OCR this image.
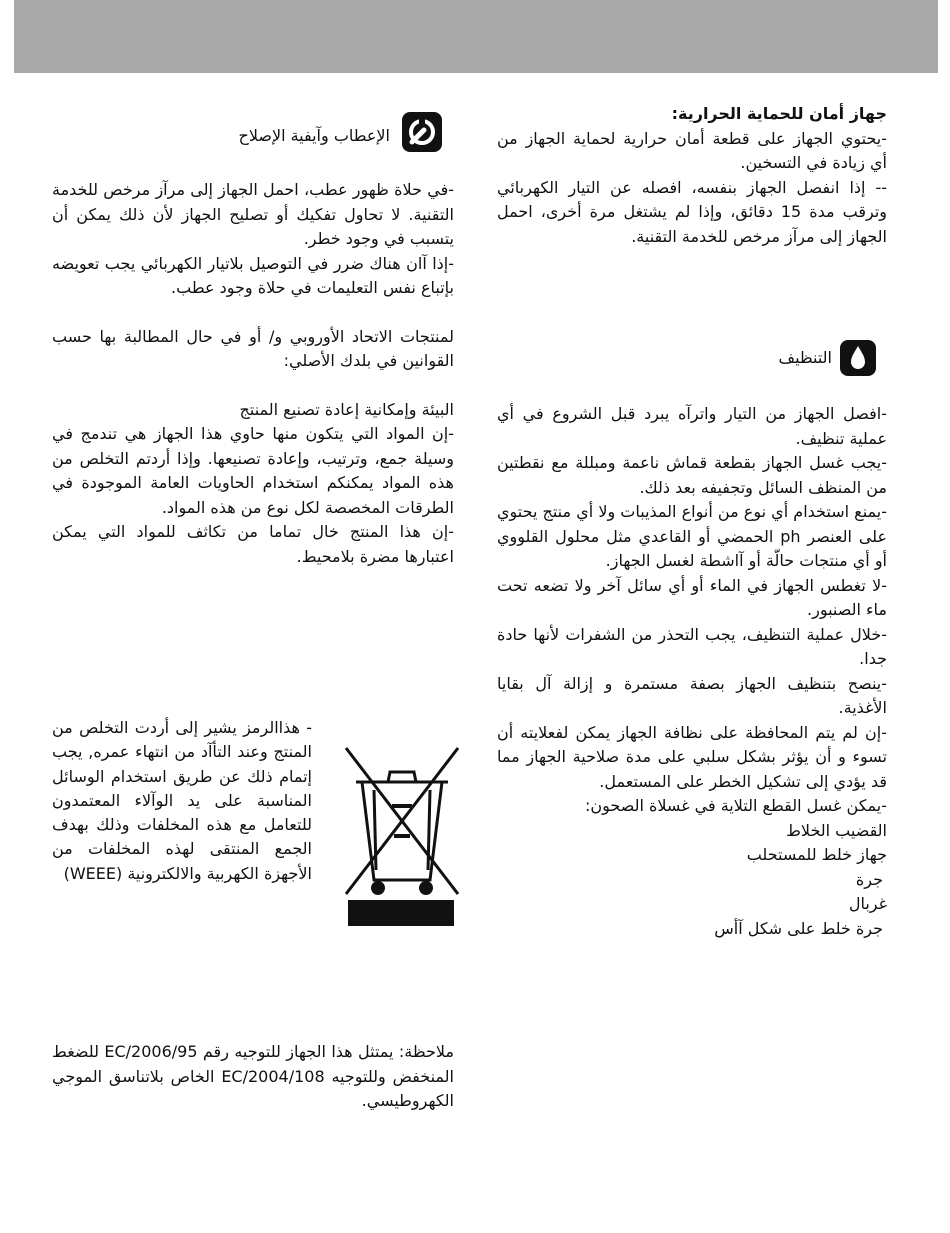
جهاز أمان للحماية الحرارية:

-يحتوي الجهاز على قطعة أمان حرارية لحماية الجهاز من أي زيادة في التسخين.

-- إذا انفصل الجهاز بنفسه، افصله عن التيار الكهربائي وترقب مدة 15 دقائق، وإذا لم يشتغل مرة أخرى، احمل الجهاز إلى مرآز مرخص للخدمة التقنية.

التنظيف

-افصل الجهاز من التيار واترآه يبرد قبل الشروع في أي عملية تنظيف.

-يجب غسل الجهاز بقطعة قماش ناعمة ومبللة مع نقطتين من المنظف السائل وتجفيفه بعد ذلك.

-يمنع استخدام أي نوع من أنواع المذيبات ولا أي منتج يحتوي على العنصر ph الحمضي أو القاعدي مثل محلول القلووي أو أي منتجات حالّة أو آاشطة لغسل الجهاز.

-لا تغطس الجهاز في الماء أو أي سائل آخر ولا تضعه تحت ماء الصنبور.

-خلال عملية التنظيف، يجب التحذر من الشفرات لأنها حادة جدا.

-ينصح بتنظيف الجهاز بصفة مستمرة و إزالة آل بقايا الأغذية.

-إن لم يتم المحافظة على نظافة الجهاز يمكن لفعلايته أن تسوء و أن يؤثر بشكل سلبي على مدة صلاحية الجهاز مما قد يؤدي إلى تشكيل الخطر على المستعمل.

-يمكن غسل القطع التلاية في غسلاة الصحون:

القضيب الخلاط

جهاز خلط للمستحلب

جرة

غربال

جرة خلط على شكل آأس

الإعطاب وآيفية الإصلاح

-في حلاة ظهور عطب، احمل الجهاز إلى مرآز مرخص للخدمة التقنية. لا تحاول تفكيك أو تصليح الجهاز لأن ذلك يمكن أن يتسبب في وجود خطر.

-إذا آان هناك ضرر في التوصيل بلاتيار الكهربائي يجب تعويضه بإتباع نفس التعليمات في حلاة وجود عطب.

لمنتجات الاتحاد الأوروبي و/ أو في حال المطالبة بها حسب القوانين في بلدك الأصلي:

البيئة وإمكانية إعادة تصنيع المنتج

-إن المواد التي يتكون منها حاوي هذا الجهاز هي تندمج في وسيلة جمع، وترتيب، وإعادة تصنيعها. وإذا أردتم التخلص من هذه المواد يمكنكم استخدام الحاويات العامة الموجودة في الطرقات المخصصة لكل نوع من هذه المواد.

-إن هذا المنتج خال تماما من تكاثف للمواد التي يمكن اعتبارها مضرة بلامحيط.

- هذاالرمز يشير إلى أردت التخلص من المنتج وعند التأآد من انتهاء عمره, يجب إتمام ذلك عن طريق استخدام الوسائل المناسبة على يد الوآلاء المعتمدون للتعامل مع هذه المخلفات وذلك بهدف الجمع المنتقى لهذه المخلفات من الأجهزة الكهربية والالكترونية (WEEE)
ملاحظة: يمتثل هذا الجهاز للتوجيه رقم 2006/95/EC للضغط المنخفض وللتوجيه 2004/108/EC الخاص بلاتناسق الموجي الكهروطيسي.
